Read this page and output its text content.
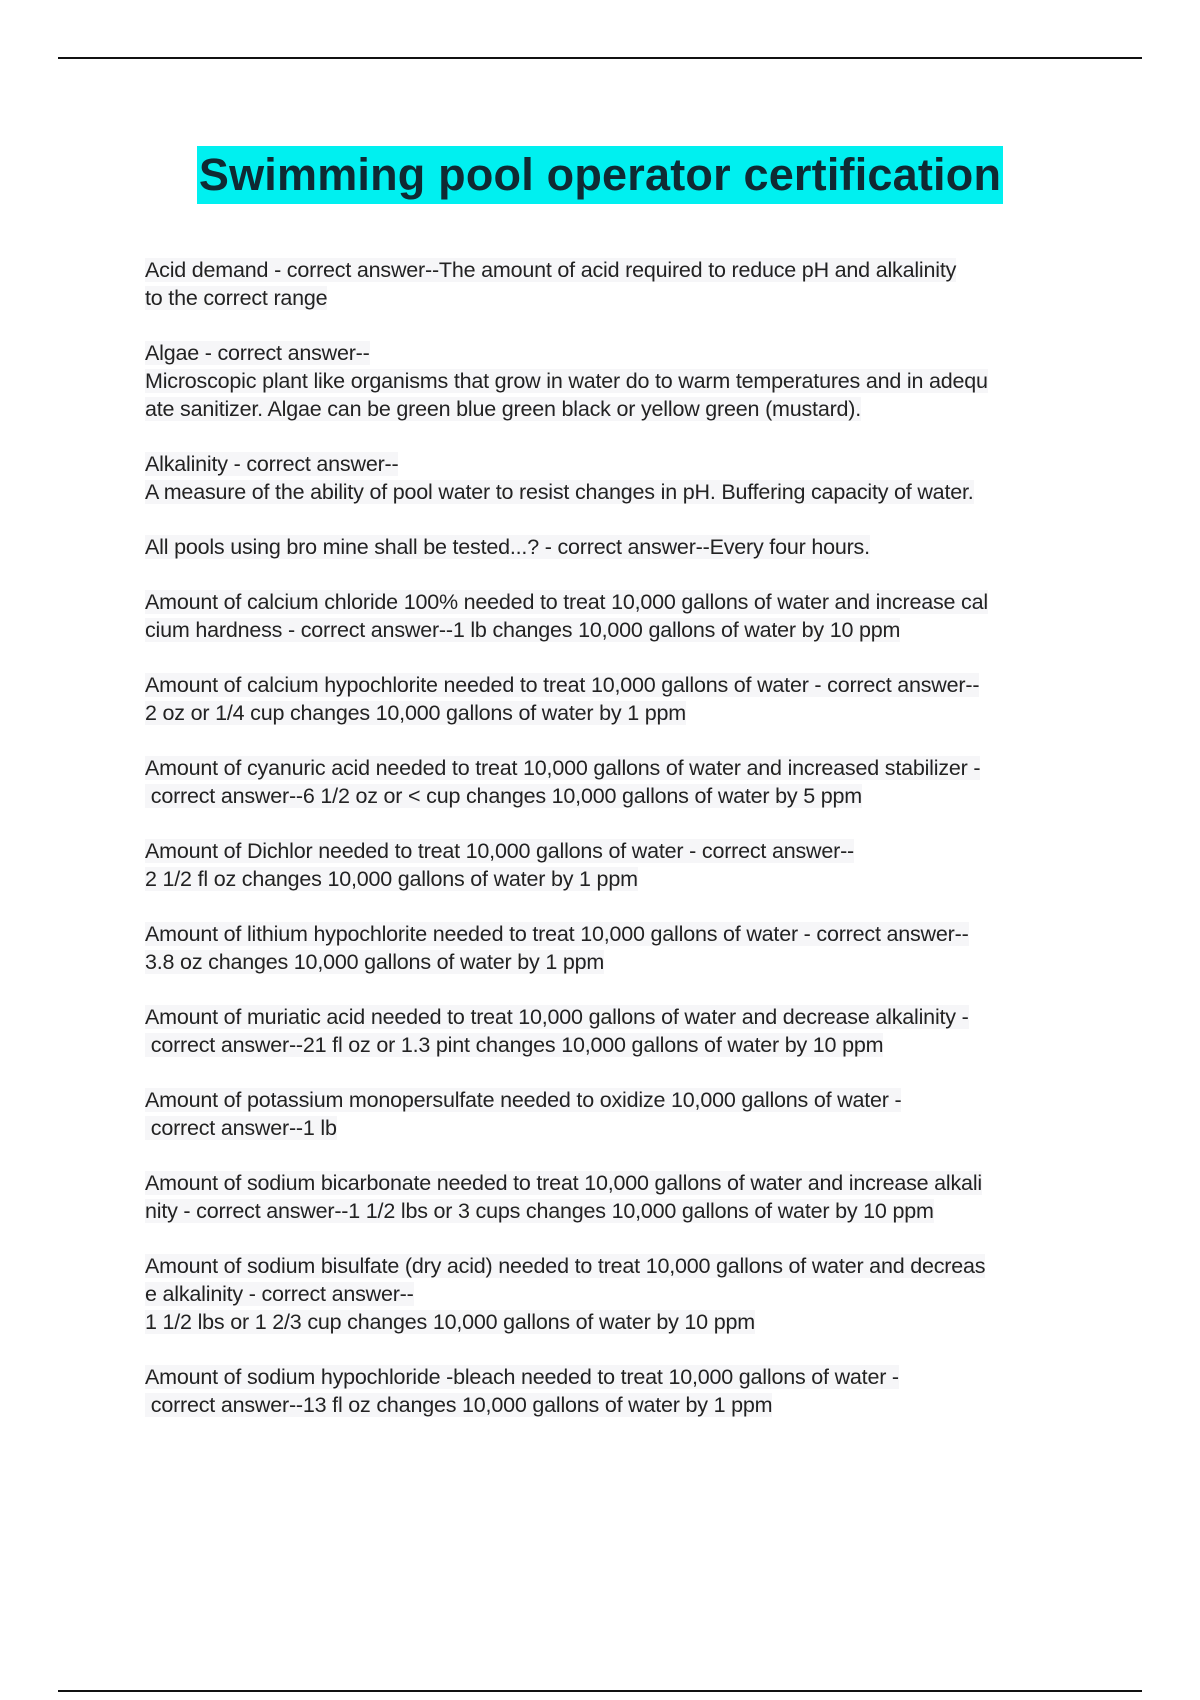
Swimming pool operator certification
Acid demand - correct answer--The amount of acid required to reduce pH and alkalinity
to the correct range
Algae - correct answer--
Microscopic plant like organisms that grow in water do to warm temperatures and in adequ
ate sanitizer. Algae can be green blue green black or yellow green (mustard).
Alkalinity - correct answer--
A measure of the ability of pool water to resist changes in pH. Buffering capacity of water.
All pools using bro mine shall be tested...? - correct answer--Every four hours.
Amount of calcium chloride 100% needed to treat 10,000 gallons of water and increase cal
cium hardness - correct answer--1 lb changes 10,000 gallons of water by 10 ppm
Amount of calcium hypochlorite needed to treat 10,000 gallons of water - correct answer--
2 oz or 1/4 cup changes 10,000 gallons of water by 1 ppm
Amount of cyanuric acid needed to treat 10,000 gallons of water and increased stabilizer -
correct answer--6 1/2 oz or < cup changes 10,000 gallons of water by 5 ppm
Amount of Dichlor needed to treat 10,000 gallons of water - correct answer--
2 1/2 fl oz changes 10,000 gallons of water by 1 ppm
Amount of lithium hypochlorite needed to treat 10,000 gallons of water - correct answer--
3.8 oz changes 10,000 gallons of water by 1 ppm
Amount of muriatic acid needed to treat 10,000 gallons of water and decrease alkalinity -
correct answer--21 fl oz or 1.3 pint changes 10,000 gallons of water by 10 ppm
Amount of potassium monopersulfate needed to oxidize 10,000 gallons of water -
correct answer--1 lb
Amount of sodium bicarbonate needed to treat 10,000 gallons of water and increase alkali
nity - correct answer--1 1/2 lbs or 3 cups changes 10,000 gallons of water by 10 ppm
Amount of sodium bisulfate (dry acid) needed to treat 10,000 gallons of water and decreas
e alkalinity - correct answer--
1 1/2 lbs or 1 2/3 cup changes 10,000 gallons of water by 10 ppm
Amount of sodium hypochloride -bleach needed to treat 10,000 gallons of water -
correct answer--13 fl oz changes 10,000 gallons of water by 1 ppm
